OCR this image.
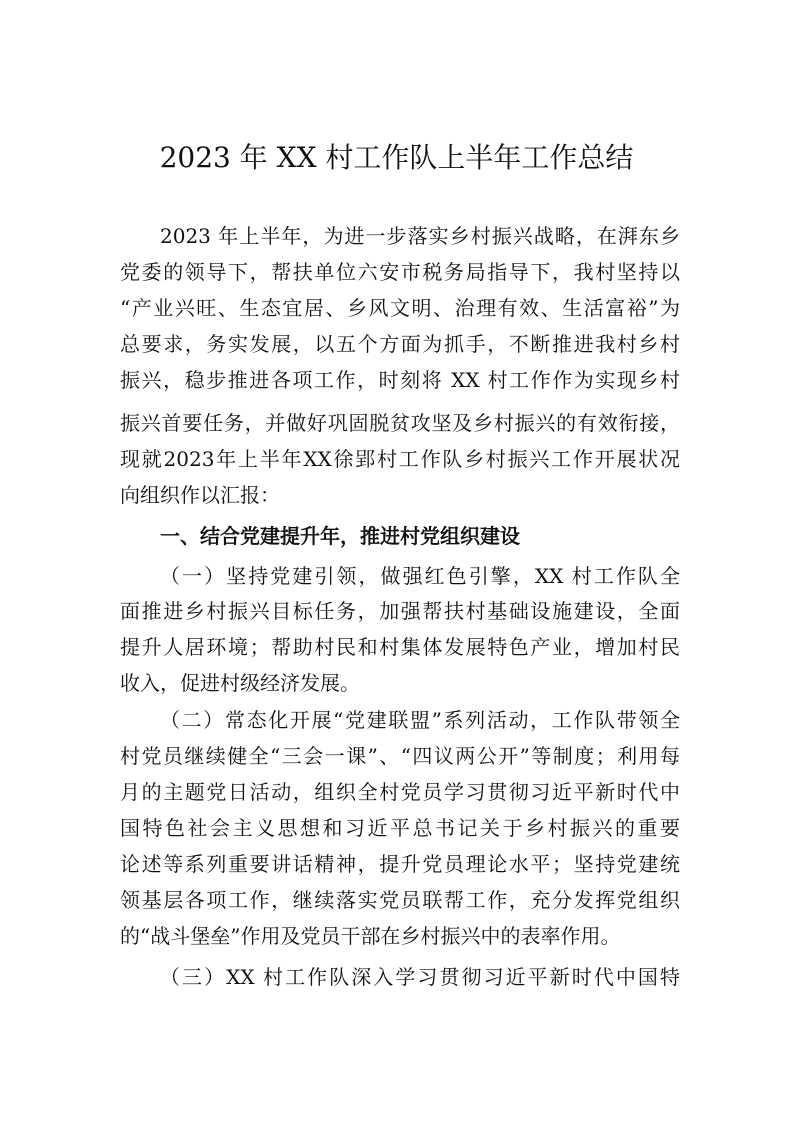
2023 年 XX 村工作队上半年工作总结
2023 年上半年，为进一步落实乡村振兴战略，在湃东乡
党委的领导下，帮扶单位六安市税务局指导下，我村坚持以
“产业兴旺、生态宜居、乡风文明、治理有效、生活富裕”为
总要求，务实发展，以五个方面为抓手，不断推进我村乡村
振兴，稳步推进各项工作，时刻将 XX 村工作作为实现乡村
振兴首要任务，并做好巩固脱贫攻坚及乡村振兴的有效衔接，
现就2023年上半年XX徐郢村工作队乡村振兴工作开展状况
向组织作以汇报：
一、结合党建提升年，推进村党组织建设
（一）坚持党建引领，做强红色引擎，XX 村工作队全
面推进乡村振兴目标任务，加强帮扶村基础设施建设，全面
提升人居环境；帮助村民和村集体发展特色产业，增加村民
收入，促进村级经济发展。
（二）常态化开展“党建联盟”系列活动，工作队带领全
村党员继续健全“三会一课”、“四议两公开”等制度；利用每
月的主题党日活动，组织全村党员学习贯彻习近平新时代中
国特色社会主义思想和习近平总书记关于乡村振兴的重要
论述等系列重要讲话精神，提升党员理论水平；坚持党建统
领基层各项工作，继续落实党员联帮工作，充分发挥党组织
的“战斗堡垒”作用及党员干部在乡村振兴中的表率作用。
（三）XX 村工作队深入学习贯彻习近平新时代中国特
